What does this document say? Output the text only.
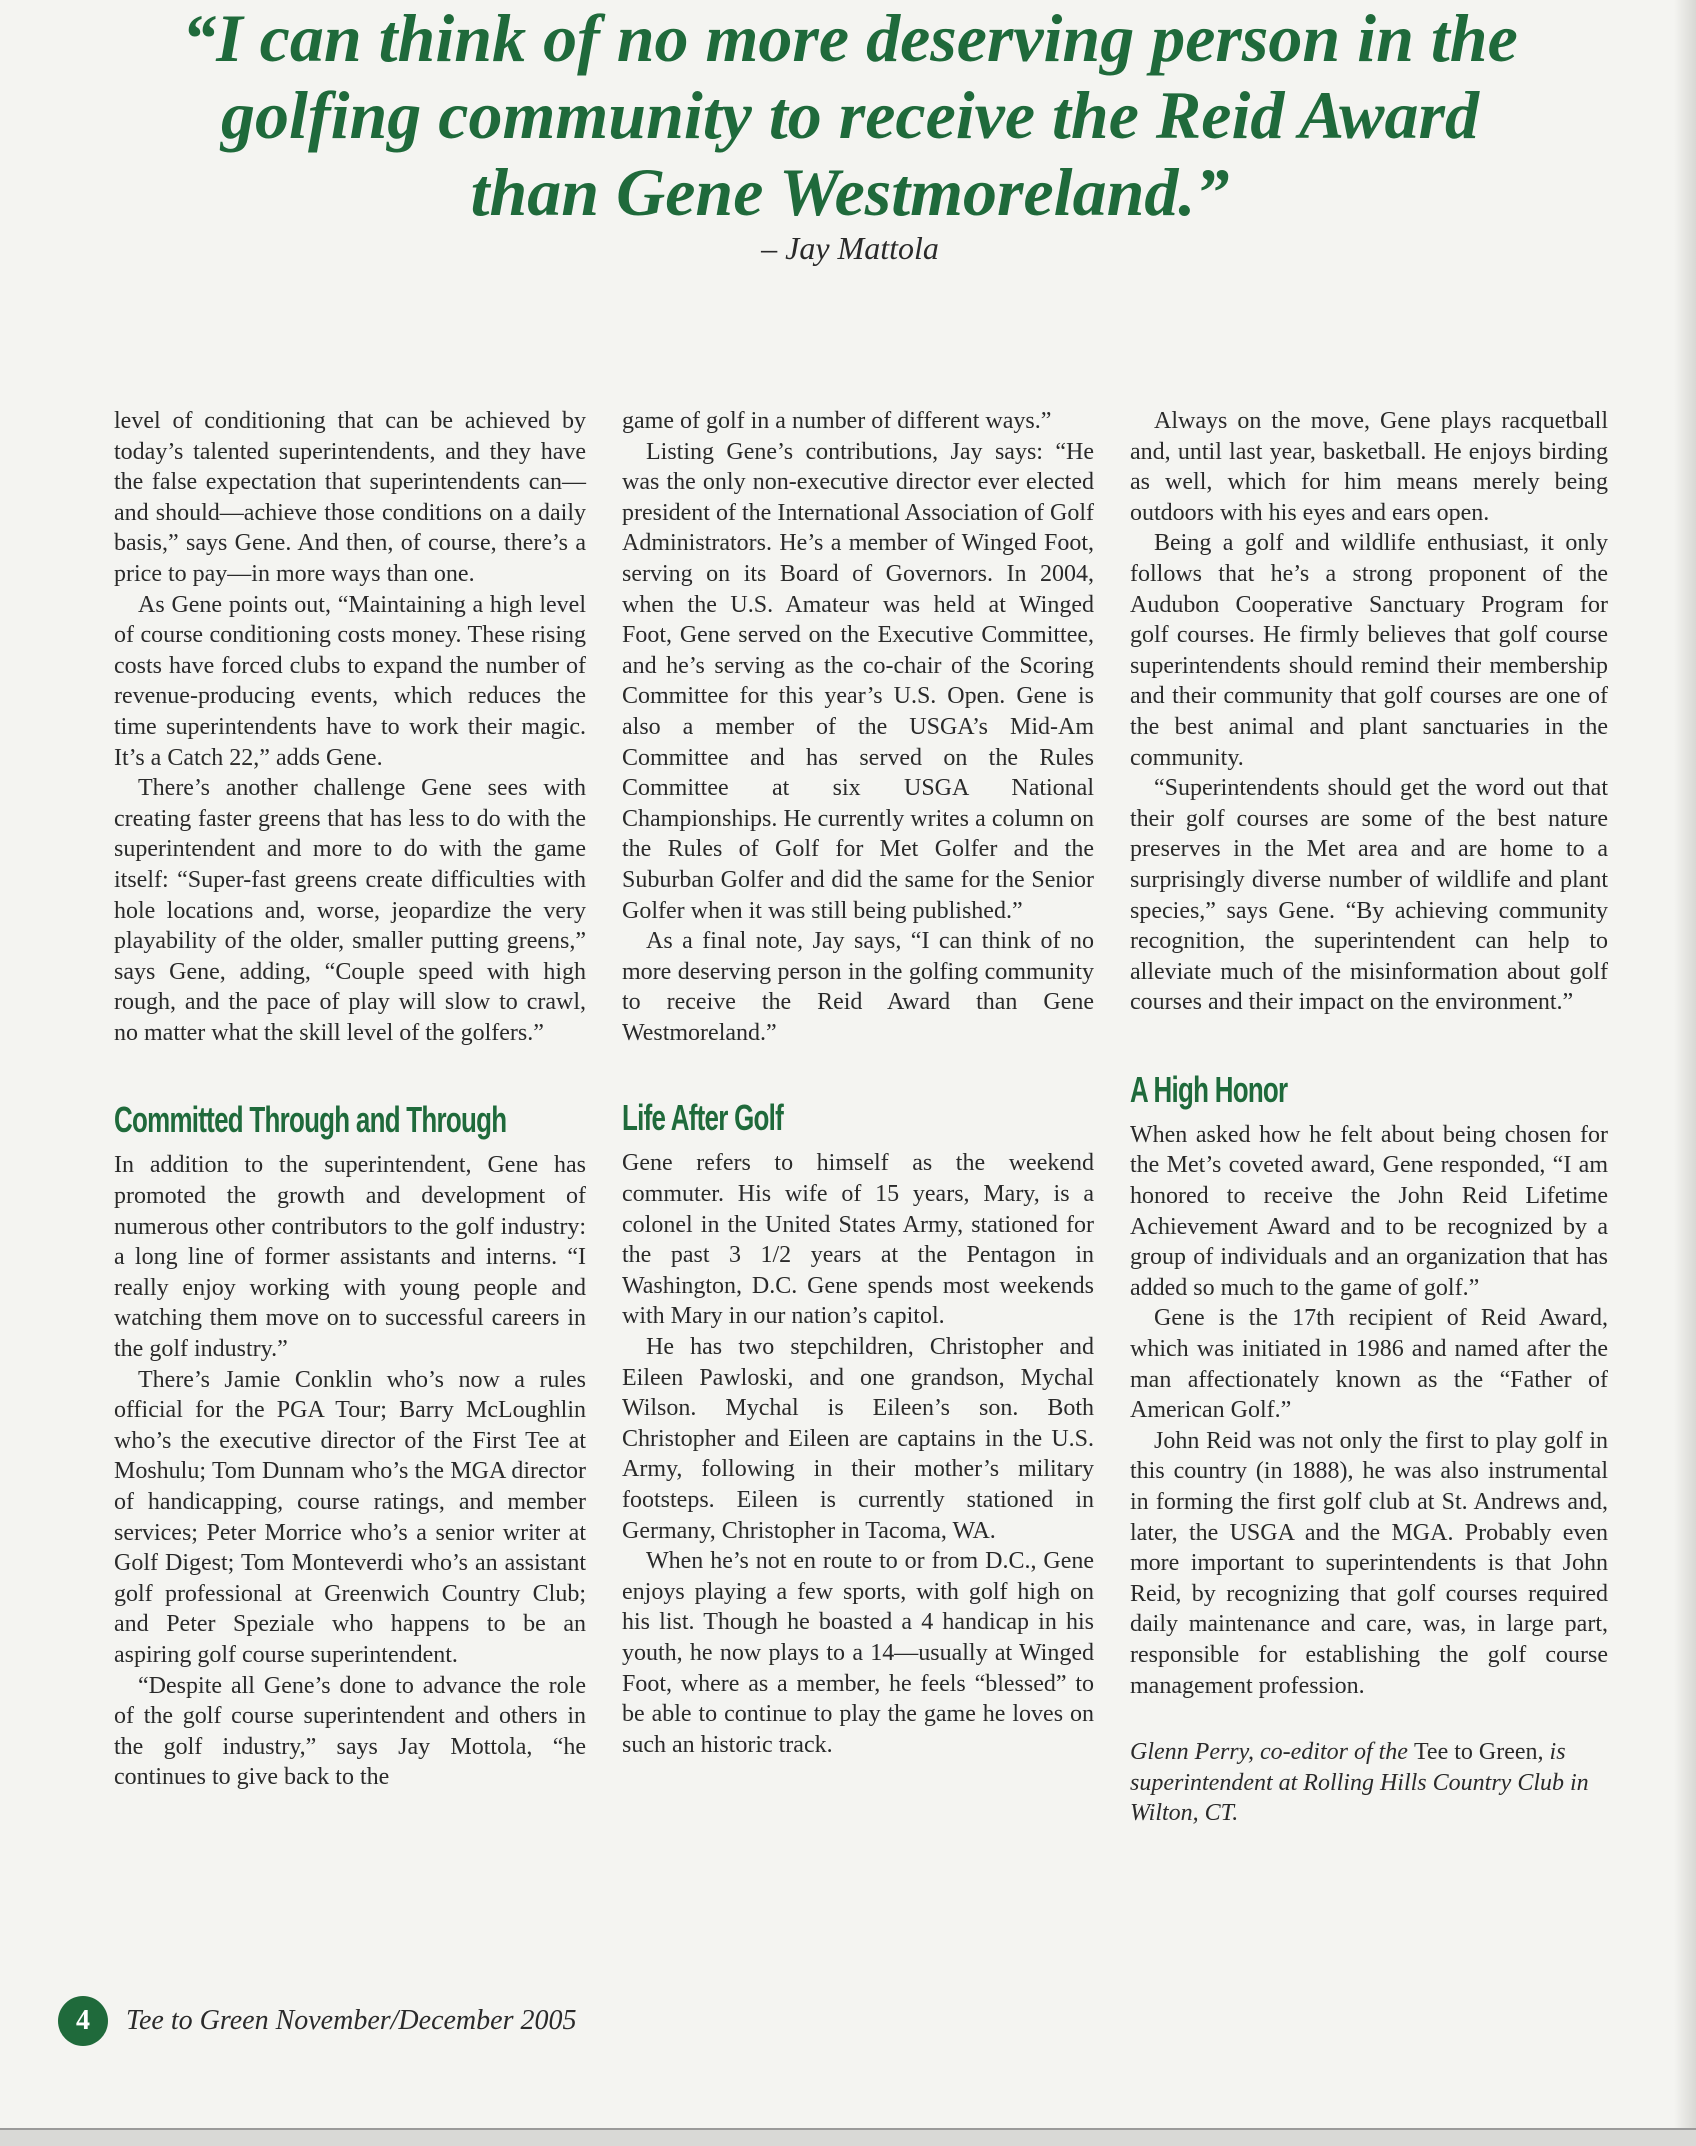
“I can think of no more deserving person in the golfing community to receive the Reid Award than Gene Westmoreland.”
– Jay Mattola

level of conditioning that can be achieved by today’s talented superintendents, and they have the false expectation that superintendents can—and should—achieve those conditions on a daily basis,” says Gene. And then, of course, there’s a price to pay—in more ways than one.

As Gene points out, “Maintaining a high level of course conditioning costs money. These rising costs have forced clubs to expand the number of revenue-producing events, which reduces the time superintendents have to work their magic. It’s a Catch 22,” adds Gene.

There’s another challenge Gene sees with creating faster greens that has less to do with the superintendent and more to do with the game itself: “Super-fast greens create difficulties with hole locations and, worse, jeopardize the very playability of the older, smaller putting greens,” says Gene, adding, “Couple speed with high rough, and the pace of play will slow to crawl, no matter what the skill level of the golfers.”

Committed Through and Through

In addition to the superintendent, Gene has promoted the growth and development of numerous other contributors to the golf industry: a long line of former assistants and interns. “I really enjoy working with young people and watching them move on to successful careers in the golf industry.”

There’s Jamie Conklin who’s now a rules official for the PGA Tour; Barry McLoughlin who’s the executive director of the First Tee at Moshulu; Tom Dunnam who’s the MGA director of handicapping, course ratings, and member services; Peter Morrice who’s a senior writer at Golf Digest; Tom Monteverdi who’s an assistant golf professional at Greenwich Country Club; and Peter Speziale who happens to be an aspiring golf course superintendent.

“Despite all Gene’s done to advance the role of the golf course superintendent and others in the golf industry,” says Jay Mottola, “he continues to give back to the

game of golf in a number of different ways.”

Listing Gene’s contributions, Jay says: “He was the only non-executive director ever elected president of the International Association of Golf Administrators. He’s a member of Winged Foot, serving on its Board of Governors. In 2004, when the U.S. Amateur was held at Winged Foot, Gene served on the Executive Committee, and he’s serving as the co-chair of the Scoring Committee for this year’s U.S. Open. Gene is also a member of the USGA’s Mid-Am Committee and has served on the Rules Committee at six USGA National Championships. He currently writes a column on the Rules of Golf for Met Golfer and the Suburban Golfer and did the same for the Senior Golfer when it was still being published.”

As a final note, Jay says, “I can think of no more deserving person in the golfing community to receive the Reid Award than Gene Westmoreland.”

Life After Golf

Gene refers to himself as the weekend commuter. His wife of 15 years, Mary, is a colonel in the United States Army, stationed for the past 3 1/2 years at the Pentagon in Washington, D.C. Gene spends most weekends with Mary in our nation’s capitol.

He has two stepchildren, Christopher and Eileen Pawloski, and one grandson, Mychal Wilson. Mychal is Eileen’s son. Both Christopher and Eileen are captains in the U.S. Army, following in their mother’s military footsteps. Eileen is currently stationed in Germany, Christopher in Tacoma, WA.

When he’s not en route to or from D.C., Gene enjoys playing a few sports, with golf high on his list. Though he boasted a 4 handicap in his youth, he now plays to a 14—usually at Winged Foot, where as a member, he feels “blessed” to be able to continue to play the game he loves on such an historic track.

Always on the move, Gene plays racquetball and, until last year, basketball. He enjoys birding as well, which for him means merely being outdoors with his eyes and ears open.

Being a golf and wildlife enthusiast, it only follows that he’s a strong proponent of the Audubon Cooperative Sanctuary Program for golf courses. He firmly believes that golf course superintendents should remind their membership and their community that golf courses are one of the best animal and plant sanctuaries in the community.

“Superintendents should get the word out that their golf courses are some of the best nature preserves in the Met area and are home to a surprisingly diverse number of wildlife and plant species,” says Gene. “By achieving community recognition, the superintendent can help to alleviate much of the misinformation about golf courses and their impact on the environment.”

A High Honor

When asked how he felt about being chosen for the Met’s coveted award, Gene responded, “I am honored to receive the John Reid Lifetime Achievement Award and to be recognized by a group of individuals and an organization that has added so much to the game of golf.”

Gene is the 17th recipient of Reid Award, which was initiated in 1986 and named after the man affectionately known as the “Father of American Golf.”

John Reid was not only the first to play golf in this country (in 1888), he was also instrumental in forming the first golf club at St. Andrews and, later, the USGA and the MGA. Probably even more important to superintendents is that John Reid, by recognizing that golf courses required daily maintenance and care, was, in large part, responsible for establishing the golf course management profession.

Glenn Perry, co-editor of the Tee to Green, is superintendent at Rolling Hills Country Club in Wilton, CT.

4	Tee to Green November/December 2005
